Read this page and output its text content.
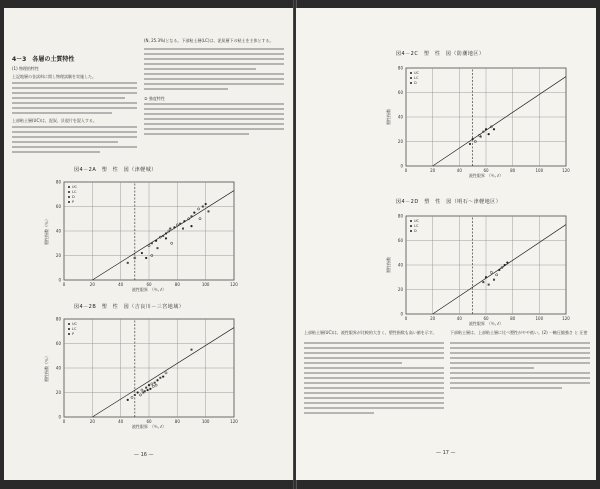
4－3　各層の土質特性
(1) 物理的特性
上記地層の各試料に関し物理試験を実施した。
上部粘土層(UC)は、泥炭、貝殻片を混入する。
(N, 25.3%)となる。下部粘土層(LC)は、泥炭層下の粘土を主体とする。
② 強度特性
図4－2A　塑　性　図（津軽城）
0	20	40	60	80	100	120
0
20
40
60
80
UC
LC
D
P
塑性指数（％）
液性限界　（％, ℓ）
図4－2B　塑　性　図（吉良川－三宮地域）
0	20	40	60	80	100	120
0
20
40
60
80
UC
LC
P
塑性指数（％）
液性限界　（％, ℓ）
— 16 —
図4－2C　塑　性　図（防潮地区）
0	20	40	60	80	100	120
0
20
40
60
80
UC
LC
D
塑性指数
液性限界　（％, ℓ）
図4－2D　塑　性　図（明石～津軽地区）
0	20	40	60	80	100	120
0
20
40
60
80
UC
LC
D
塑性指数
液性限界　（％, ℓ）
上部粘土層(UC)は、液性限界が比較的大きく、塑性指数も高い値を示す。	下部粘土層は、上部粘土層に比べ塑性がやや低い。(2) 一軸圧縮強さ と 圧密
— 17 —
